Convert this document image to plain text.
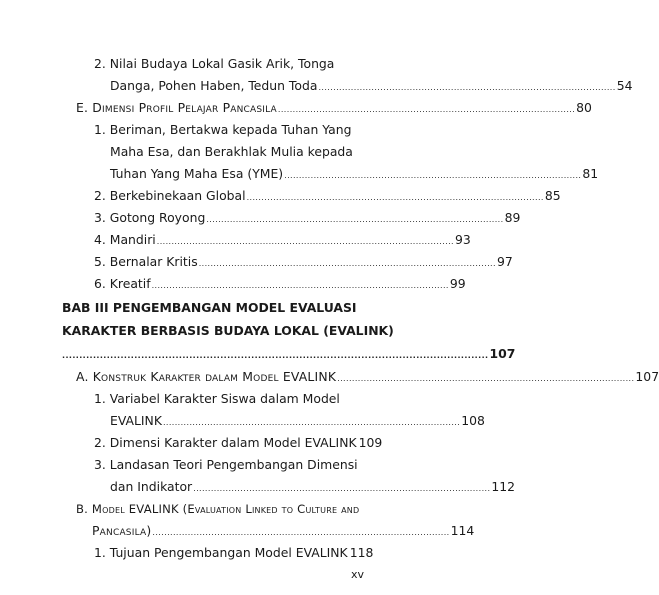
2. Nilai Budaya Lokal Gasik Arik, Tonga
Danga, Pohen Haben, Tedun Toda ..................................................................................................... 54
E. Dimensi Profil Pelajar Pancasila ..................................................................................................... 80
1. Beriman, Bertakwa kepada Tuhan Yang
Maha Esa, dan Berakhlak Mulia kepada
Tuhan Yang Maha Esa (YME) ..................................................................................................... 81
2. Berkebinekaan Global ..................................................................................................... 85
3. Gotong Royong ..................................................................................................... 89
4. Mandiri ..................................................................................................... 93
5. Bernalar Kritis ..................................................................................................... 97
6. Kreatif ..................................................................................................... 99
BAB III PENGEMBANGAN MODEL EVALUASI
KARAKTER BERBASIS BUDAYA LOKAL (EVALINK)
............................................................................................................................ 107
A. Konstruk Karakter dalam Model EVALINK ..................................................................................................... 107
1. Variabel Karakter Siswa dalam Model
EVALINK ..................................................................................................... 108
2. Dimensi Karakter dalam Model EVALINK 109
3. Landasan Teori Pengembangan Dimensi
dan Indikator ..................................................................................................... 112
B. Model EVALINK (Evaluation Linked to Culture and
Pancasila) ..................................................................................................... 114
1. Tujuan Pengembangan Model EVALINK 118
xv
